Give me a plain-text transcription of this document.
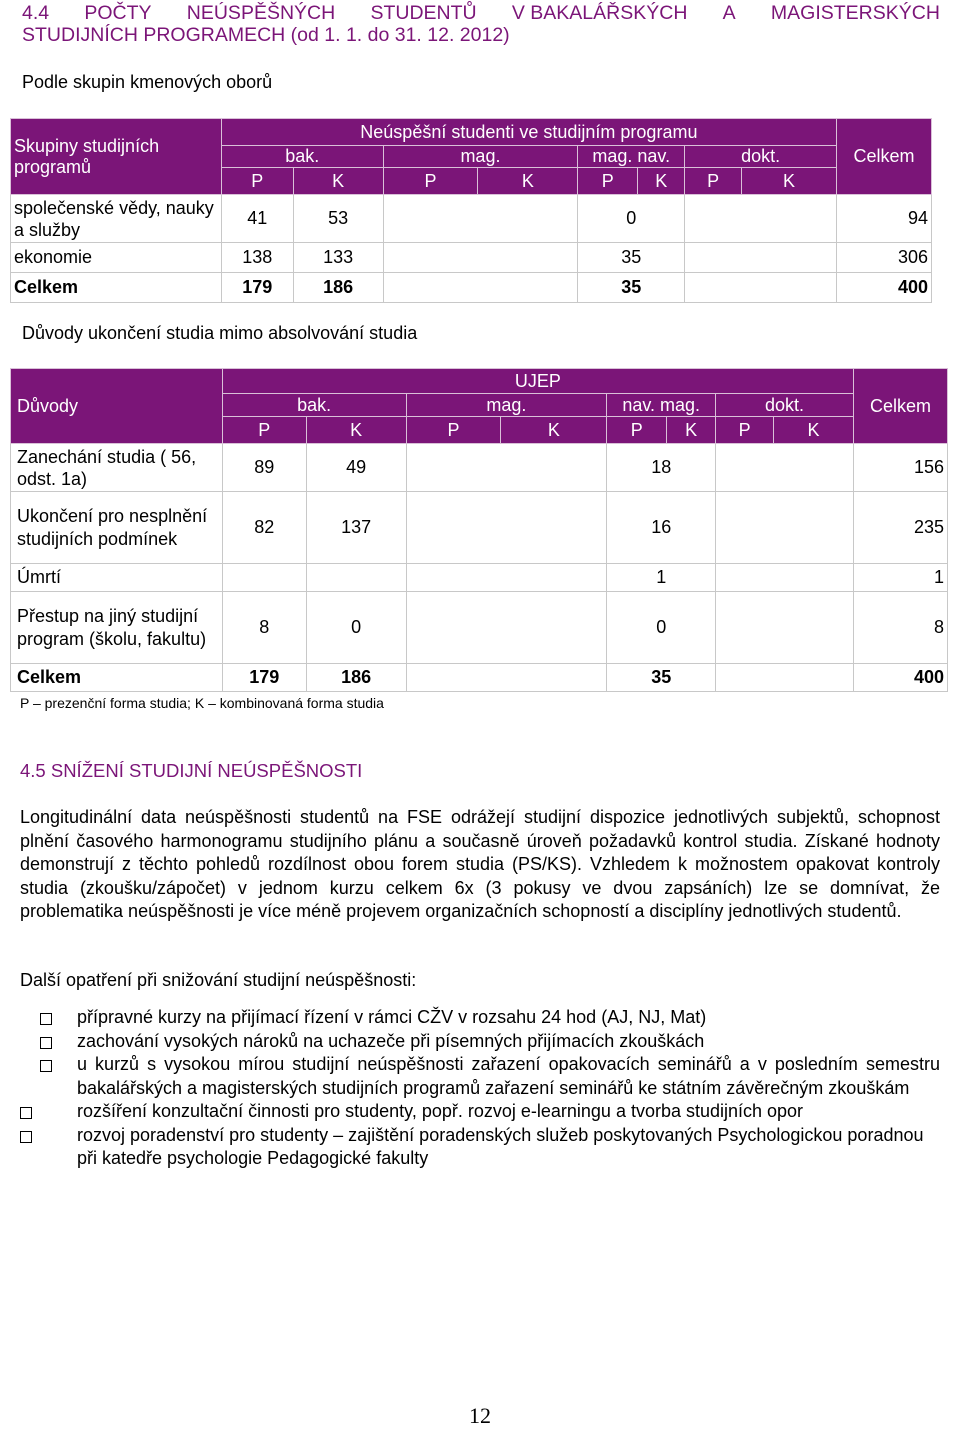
4.4 POČTY NEÚSPĚŠNÝCH STUDENTŮ V BAKALÁŘSKÝCH A MAGISTERSKÝCH
STUDIJNÍCH PROGRAMECH (od 1. 1. do 31. 12. 2012)
Podle skupin kmenových oborů
Skupiny studijních programů	Neúspěšní studenti ve studijním programu								Celkem
	bak.		mag.		mag. nav.		dokt.		
	P	K	P	K	P	K	P	K	
společenské vědy, nauky a služby	41	53			0				94
ekonomie	138	133			35				306
Celkem	179	186			35				400
Důvody ukončení studia mimo absolvování studia
Důvody	UJEP								Celkem
	bak.		mag.		nav. mag.		dokt.		
	P	K	P	K	P	K	P	K	
Zanechání studia ( 56, odst. 1a)	89	49			18				156
Ukončení pro nesplnění studijních podmínek	82	137			16				235
Úmrtí					1				1
Přestup na jiný studijní program (školu, fakultu)	8	0			0				8
Celkem	179	186			35				400
P – prezenční forma studia; K – kombinovaná forma studia
4.5 SNÍŽENÍ STUDIJNÍ NEÚSPĚŠNOSTI
Longitudinální data neúspěšnosti studentů na FSE odrážejí studijní dispozice jednotlivých subjektů, schopnost plnění časového harmonogramu studijního plánu a současně úroveň požadavků kontrol studia. Získané hodnoty demonstrují z těchto pohledů rozdílnost obou forem studia (PS/KS). Vzhledem k možnostem opakovat kontroly studia (zkoušku/zápočet) v jednom kurzu celkem 6x (3 pokusy ve dvou zapsáních) lze se domnívat, že problematika neúspěšnosti je více méně projevem organizačních schopností a disciplíny jednotlivých studentů.
Další opatření při snižování studijní neúspěšnosti:
přípravné kurzy na přijímací řízení v rámci CŽV v rozsahu 24 hod (AJ, NJ, Mat)
zachování vysokých nároků na uchazeče při písemných přijímacích zkouškách
u kurzů s vysokou mírou studijní neúspěšnosti zařazení opakovacích seminářů a v posledním semestru bakalářských a magisterských studijních programů zařazení seminářů ke státním závěrečným zkouškám
rozšíření konzultační činnosti pro studenty, popř. rozvoj e-learningu a tvorba studijních opor
rozvoj poradenství pro studenty – zajištění poradenských služeb poskytovaných Psychologickou poradnou při katedře psychologie Pedagogické fakulty
12
